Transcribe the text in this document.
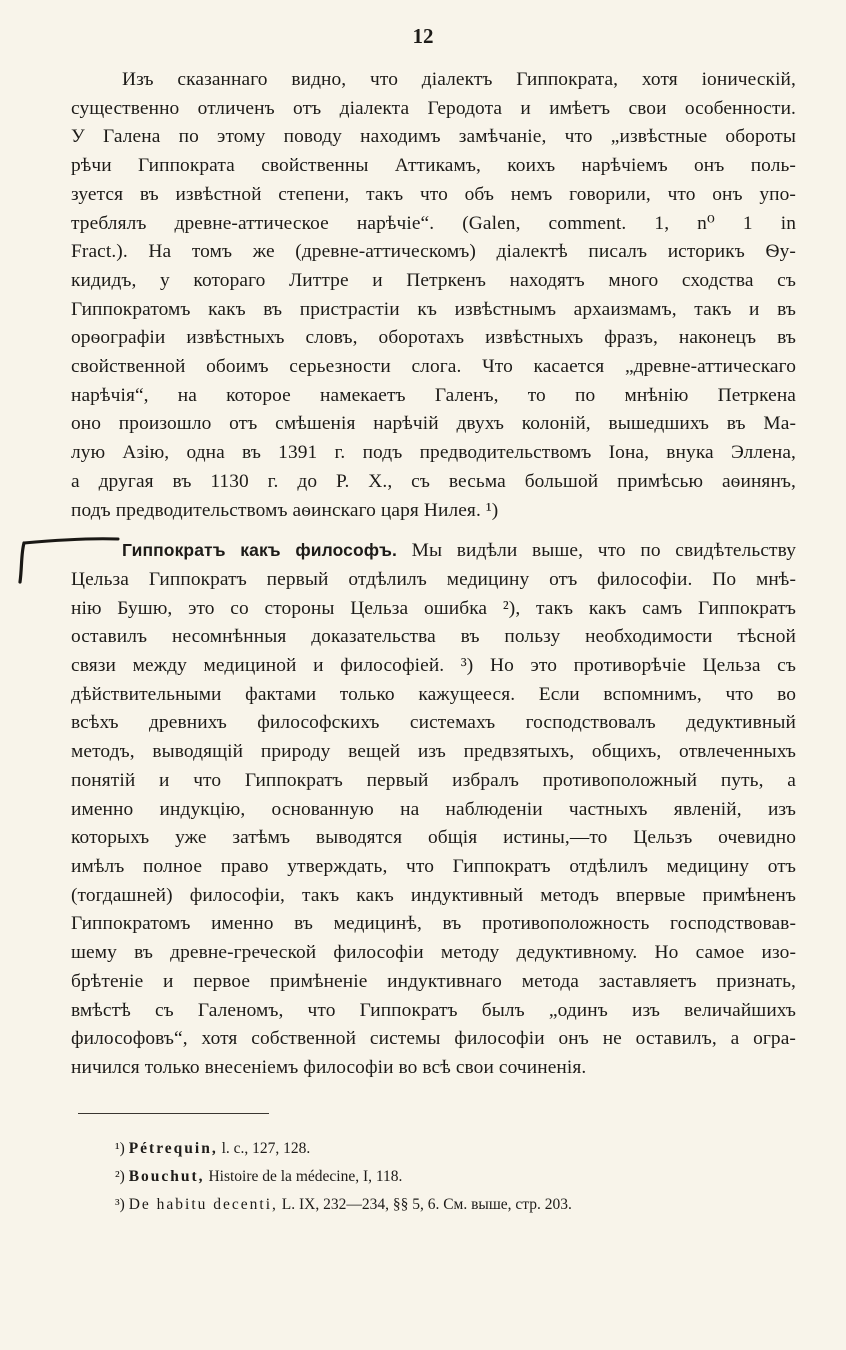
12
Изъ сказаннаго видно, что діалектъ Гиппократа, хотя іоническій,
существенно отличенъ отъ діалекта Геродота и имѣетъ свои особенности.
У Галена по этому поводу находимъ замѣчаніе, что „извѣстные обороты
рѣчи Гиппократа свойственны Аттикамъ, коихъ нарѣчіемъ онъ поль-
зуется въ извѣстной степени, такъ что объ немъ говорили, что онъ упо-
треблялъ древне-аттическое нарѣчіе“. (Galen, comment. 1, n⁰ 1 in
Fract.). На томъ же (древне-аттическомъ) діалектѣ писалъ историкъ Ѳу-
кидидъ, у котораго Литтре и Петркенъ находятъ много сходства съ
Гиппократомъ какъ въ пристрастіи къ извѣстнымъ архаизмамъ, такъ и въ
орѳографіи извѣстныхъ словъ, оборотахъ извѣстныхъ фразъ, наконецъ въ
свойственной обоимъ серьезности слога. Что касается „древне-аттическаго
нарѣчія“, на которое намекаетъ Галенъ, то по мнѣнію Петркена
оно произошло отъ смѣшенія нарѣчій двухъ колоній, вышедшихъ въ Ма-
лую Азію, одна въ 1391 г. подъ предводительствомъ Іона, внука Эллена,
а другая въ 1130 г. до Р. Х., съ весьма большой примѣсью аѳинянъ,
подъ предводительствомъ аѳинскаго царя Нилея. ¹)
Гиппократъ какъ философъ. Мы видѣли выше, что по свидѣтельству
Цельза Гиппократъ первый отдѣлилъ медицину отъ философіи. По мнѣ-
нію Бушю, это со стороны Цельза ошибка ²), такъ какъ самъ Гиппократъ
оставилъ несомнѣнныя доказательства въ пользу необходимости тѣсной
связи между медициной и философіей. ³) Но это противорѣчіе Цельза съ
дѣйствительными фактами только кажущееся. Если вспомнимъ, что во
всѣхъ древнихъ философскихъ системахъ господствовалъ дедуктивный
методъ, выводящій природу вещей изъ предвзятыхъ, общихъ, отвлеченныхъ
понятій и что Гиппократъ первый избралъ противоположный путь, а
именно индукцію, основанную на наблюденіи частныхъ явленій, изъ
которыхъ уже затѣмъ выводятся общія истины,—то Цельзъ очевидно
имѣлъ полное право утверждать, что Гиппократъ отдѣлилъ медицину отъ
(тогдашней) философіи, такъ какъ индуктивный методъ впервые примѣненъ
Гиппократомъ именно въ медицинѣ, въ противоположность господствовав-
шему въ древне-греческой философіи методу дедуктивному. Но самое изо-
брѣтеніе и первое примѣненіе индуктивнаго метода заставляетъ признать,
вмѣстѣ съ Галеномъ, что Гиппократъ былъ „одинъ изъ величайшихъ
философовъ“, хотя собственной системы философіи онъ не оставилъ, а огра-
ничился только внесеніемъ философіи во всѣ свои сочиненія.
¹) Pétrequin, l. c., 127, 128.
²) Bouchut, Histoire de la médecine, I, 118.
³) De habitu decenti, L. IX, 232—234, §§ 5, 6. См. выше, стр. 203.
